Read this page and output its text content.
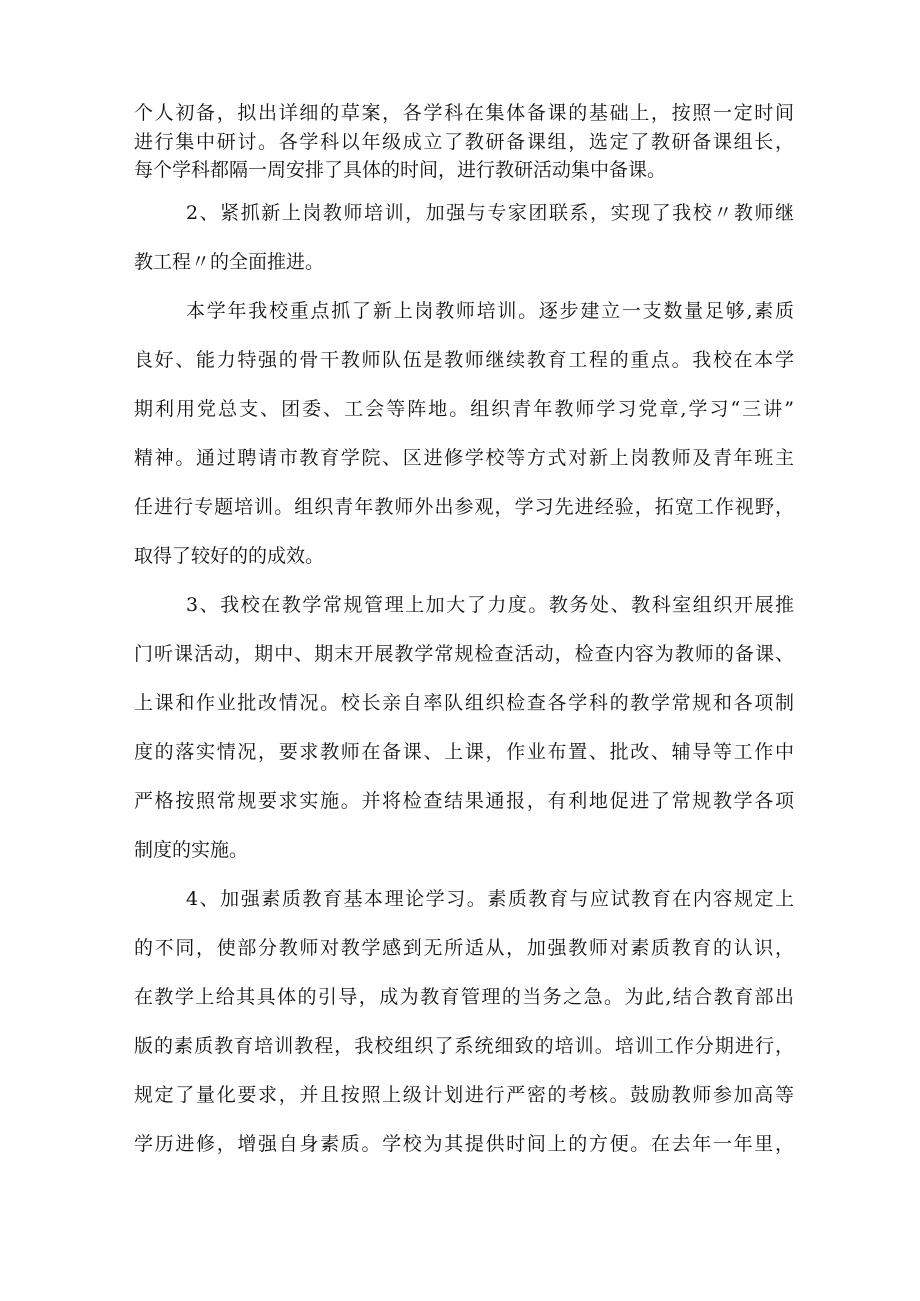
个人初备，拟出详细的草案，各学科在集体备课的基础上，按照一定时间
进行集中研讨。各学科以年级成立了教研备课组，选定了教研备课组长，
每个学科都隔一周安排了具体的时间，进行教研活动集中备课。
2、紧抓新上岗教师培训，加强与专家团联系，实现了我校〃教师继
教工程〃的全面推进。
本学年我校重点抓了新上岗教师培训。逐步建立一支数量足够,素质
良好、能力特强的骨干教师队伍是教师继续教育工程的重点。我校在本学
期利用党总支、团委、工会等阵地。组织青年教师学习党章,学习“三讲”
精神。通过聘请市教育学院、区进修学校等方式对新上岗教师及青年班主
任进行专题培训。组织青年教师外出参观，学习先进经验，拓宽工作视野，
取得了较好的的成效。
3、我校在教学常规管理上加大了力度。教务处、教科室组织开展推
门听课活动，期中、期末开展教学常规检查活动，检查内容为教师的备课、
上课和作业批改情况。校长亲自率队组织检查各学科的教学常规和各项制
度的落实情况，要求教师在备课、上课，作业布置、批改、辅导等工作中
严格按照常规要求实施。并将检查结果通报，有利地促进了常规教学各项
制度的实施。
4、加强素质教育基本理论学习。素质教育与应试教育在内容规定上
的不同，使部分教师对教学感到无所适从，加强教师对素质教育的认识，
在教学上给其具体的引导，成为教育管理的当务之急。为此,结合教育部出
版的素质教育培训教程，我校组织了系统细致的培训。培训工作分期进行，
规定了量化要求，并且按照上级计划进行严密的考核。鼓励教师参加高等
学历进修，增强自身素质。学校为其提供时间上的方便。在去年一年里，
